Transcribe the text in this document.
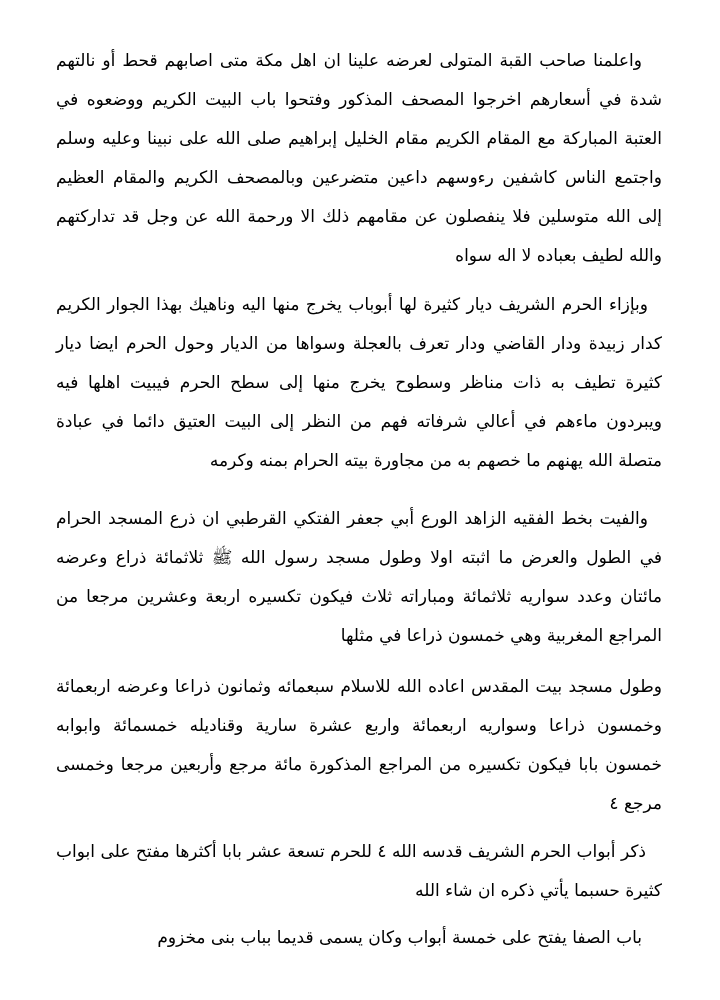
واعلمنا صاحب القبة المتولى لعرضه علينا ان اهل مكة متى اصابهم قحط أو نالتهم شدة في أسعارهم اخرجوا المصحف المذكور وفتحوا باب البيت الكريم ووضعوه في العتبة المباركة مع المقام الكريم مقام الخليل إبراهيم صلى الله على نبينا وعليه وسلم واجتمع الناس كاشفين رءوسهم داعين متضرعين وبالمصحف الكريم والمقام العظيم إلى الله متوسلين فلا ينفصلون عن مقامهم ذلك الا ورحمة الله عن وجل قد تداركتهم والله لطيف بعباده لا اله سواه

وبإزاء الحرم الشريف ديار كثيرة لها أبوباب يخرج منها اليه وناهيك بهذا الجوار الكريم كدار زبيدة ودار القاضي ودار تعرف بالعجلة وسواها من الديار وحول الحرم ايضا ديار كثيرة تطيف به ذات مناظر وسطوح يخرج منها إلى سطح الحرم فيبيت اهلها فيه ويبردون ماءهم في أعالي شرفاته فهم من النظر إلى البيت العتيق دائما في عبادة متصلة الله يهنهم ما خصهم به من مجاورة بيته الحرام بمنه وكرمه

والفيت بخط الفقيه الزاهد الورع أبي جعفر الفتكي القرطبي ان ذرع المسجد الحرام في الطول والعرض ما اثبته اولا وطول مسجد رسول الله ﷺ ثلاثمائة ذراع وعرضه مائتان وعدد سواريه ثلاثمائة ومباراته ثلاث فيكون تكسيره اربعة وعشرين مرجعا من المراجع المغربية وهي خمسون ذراعا في مثلها

وطول مسجد بيت المقدس اعاده الله للاسلام سبعمائه وثمانون ذراعا وعرضه اربعمائة وخمسون ذراعا وسواريه اربعمائة واربع عشرة سارية وقناديله خمسمائة وابوابه خمسون بابا فيكون تكسيره من المراجع المذكورة مائة مرجع وأربعين مرجعا وخمسى مرجع ٤

ذكر أبواب الحرم الشريف قدسه الله ٤ للحرم تسعة عشر بابا أكثرها مفتح على ابواب كثيرة حسبما يأتي ذكره ان شاء الله

باب الصفا يفتح على خمسة أبواب وكان يسمى قديما بباب بنى مخزوم
